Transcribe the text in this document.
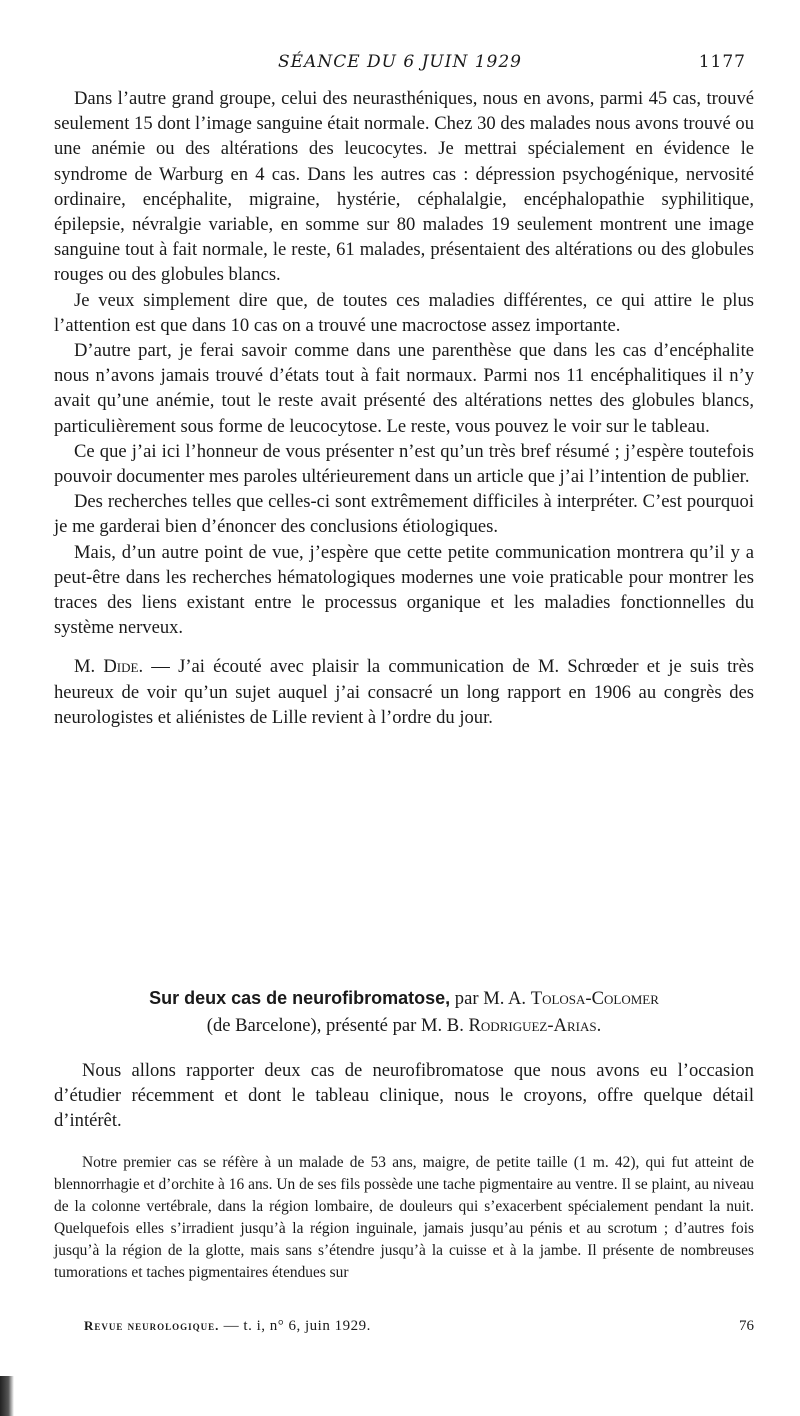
SÉANCE DU 6 JUIN 1929	1177

Dans l’autre grand groupe, celui des neurasthéniques, nous en avons, parmi 45 cas, trouvé seulement 15 dont l’image sanguine était normale. Chez 30 des malades nous avons trouvé ou une anémie ou des altérations des leucocytes. Je mettrai spécialement en évidence le syndrome de Warburg en 4 cas. Dans les autres cas : dépression psychogénique, nervosité ordinaire, encéphalite, migraine, hystérie, céphalalgie, encéphalopathie syphilitique, épilepsie, névralgie variable, en somme sur 80 malades 19 seulement montrent une image sanguine tout à fait normale, le reste, 61 malades, présentaient des altérations ou des globules rouges ou des globules blancs.

Je veux simplement dire que, de toutes ces maladies différentes, ce qui attire le plus l’attention est que dans 10 cas on a trouvé une macroctose assez importante.

D’autre part, je ferai savoir comme dans une parenthèse que dans les cas d’encéphalite nous n’avons jamais trouvé d’états tout à fait normaux. Parmi nos 11 encéphalitiques il n’y avait qu’une anémie, tout le reste avait présenté des altérations nettes des globules blancs, particulièrement sous forme de leucocytose. Le reste, vous pouvez le voir sur le tableau.

Ce que j’ai ici l’honneur de vous présenter n’est qu’un très bref résumé ; j’espère toutefois pouvoir documenter mes paroles ultérieurement dans un article que j’ai l’intention de publier.

Des recherches telles que celles-ci sont extrêmement difficiles à interpréter. C’est pourquoi je me garderai bien d’énoncer des conclusions étiologiques.

Mais, d’un autre point de vue, j’espère que cette petite communication montrera qu’il y a peut-être dans les recherches hématologiques modernes une voie praticable pour montrer les traces des liens existant entre le processus organique et les maladies fonctionnelles du système nerveux.

M. Dide. — J’ai écouté avec plaisir la communication de M. Schrœder et je suis très heureux de voir qu’un sujet auquel j’ai consacré un long rapport en 1906 au congrès des neurologistes et aliénistes de Lille revient à l’ordre du jour.

Sur deux cas de neurofibromatose, par M. A. Tolosa-Colomer
(de Barcelone), présenté par M. B. Rodriguez-Arias.

Nous allons rapporter deux cas de neurofibromatose que nous avons eu l’occasion d’étudier récemment et dont le tableau clinique, nous le croyons, offre quelque détail d’intérêt.

Notre premier cas se réfère à un malade de 53 ans, maigre, de petite taille (1 m. 42), qui fut atteint de blennorrhagie et d’orchite à 16 ans. Un de ses fils possède une tache pigmentaire au ventre. Il se plaint, au niveau de la colonne vertébrale, dans la région lombaire, de douleurs qui s’exacerbent spécialement pendant la nuit. Quelquefois elles s’irradient jusqu’à la région inguinale, jamais jusqu’au pénis et au scrotum ; d’autres fois jusqu’à la région de la glotte, mais sans s’étendre jusqu’à la cuisse et à la jambe. Il présente de nombreuses tumorations et taches pigmentaires étendues sur

Revue neurologique. — t. i, n° 6, juin 1929.	76
